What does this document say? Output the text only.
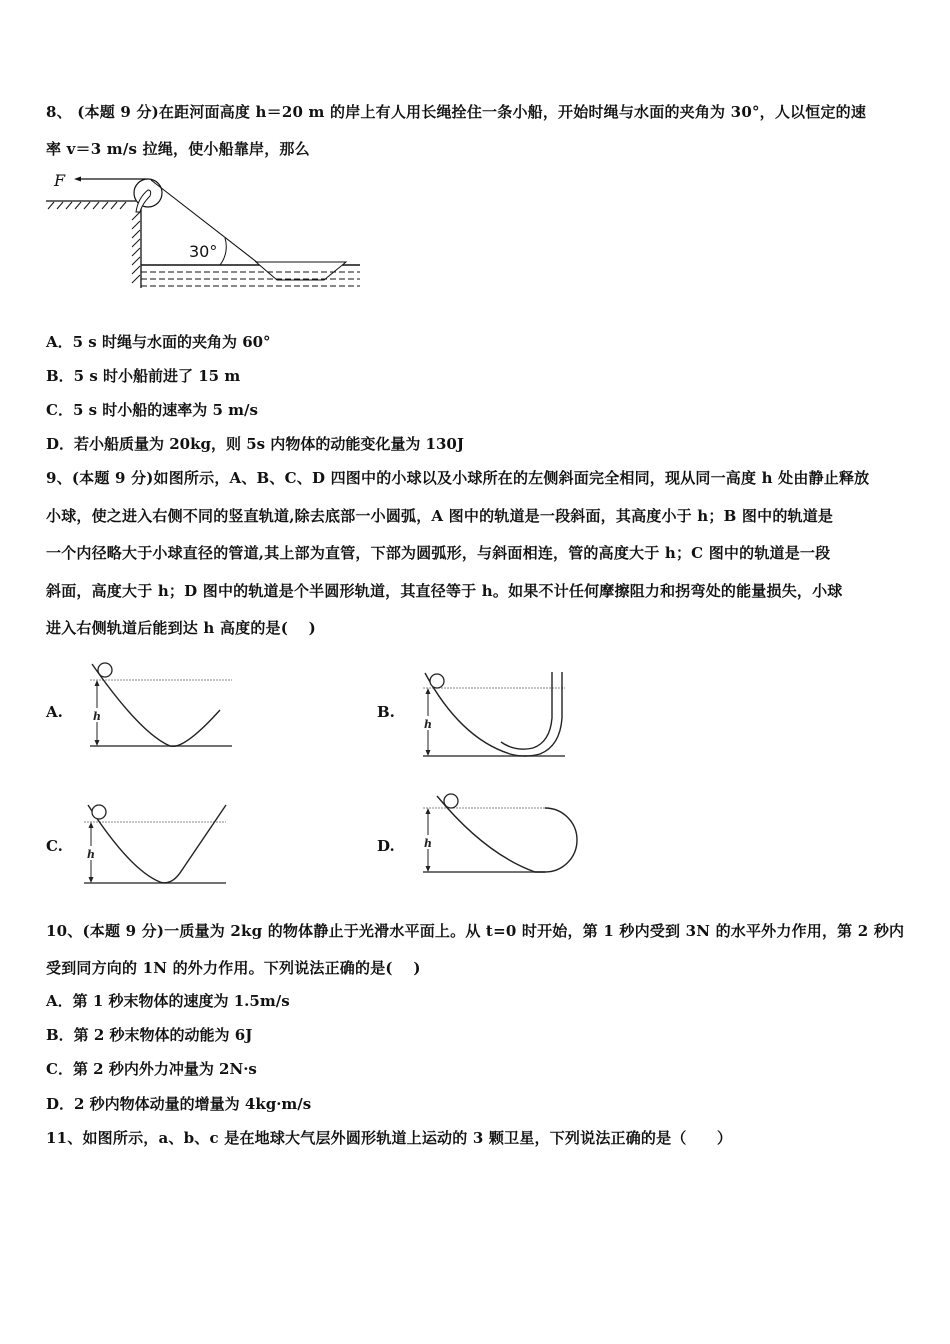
8、 (本题 9 分)在距河面高度 h＝20 m 的岸上有人用长绳拴住一条小船，开始时绳与水面的夹角为 30°，人以恒定的速
率 v＝3 m/s 拉绳，使小船靠岸，那么
F
30°
A．5 s 时绳与水面的夹角为 60°
B．5 s 时小船前进了 15 m
C．5 s 时小船的速率为 5 m/s
D．若小船质量为 20kg，则 5s 内物体的动能变化量为 130J
9、(本题 9 分)如图所示，A、B、C、D 四图中的小球以及小球所在的左侧斜面完全相同，现从同一高度 h 处由静止释放
小球，使之进入右侧不同的竖直轨道,除去底部一小圆弧，A 图中的轨道是一段斜面，其高度小于 h；B 图中的轨道是
一个内径略大于小球直径的管道,其上部为直管，下部为圆弧形，与斜面相连，管的高度大于 h；C 图中的轨道是一段
斜面，高度大于 h；D 图中的轨道是个半圆形轨道，其直径等于 h。如果不计任何摩擦阻力和拐弯处的能量损失，小球
进入右侧轨道后能到达 h 高度的是(　 )
A.	h	B.
h
C. h	D.	h
10、(本题 9 分)一质量为 2kg 的物体静止于光滑水平面上。从 t=0 时开始，第 1 秒内受到 3N 的水平外力作用，第 2 秒内
受到同方向的 1N 的外力作用。下列说法正确的是(　 )
A．第 1 秒末物体的速度为 1.5m/s
B．第 2 秒末物体的动能为 6J
C．第 2 秒内外力冲量为 2N·s
D．2 秒内物体动量的增量为 4kg·m/s
11、如图所示，a、b、c 是在地球大气层外圆形轨道上运动的 3 颗卫星，下列说法正确的是（　　）
